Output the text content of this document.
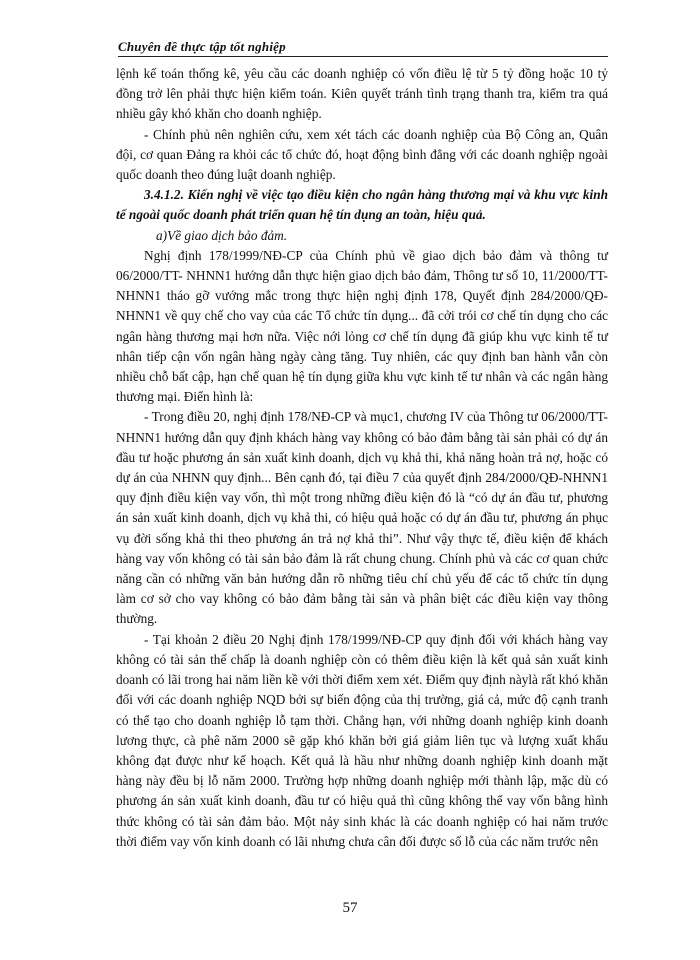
Chuyên đề thực tập tốt nghiệp

lệnh kế toán thống kê, yêu cầu các doanh nghiệp có vốn điều lệ từ 5 tỷ đồng hoặc 10 tỷ đồng trở lên phải thực hiện kiểm toán. Kiên quyết tránh tình trạng thanh tra, kiểm tra quá nhiều gây khó khăn cho doanh nghiệp.

- Chính phủ nên nghiên cứu, xem xét tách các doanh nghiệp của Bộ Công an, Quân đội, cơ quan Đảng ra khỏi các tổ chức đó, hoạt động bình đẳng với các doanh nghiệp ngoài quốc doanh theo đúng luật doanh nghiệp.

3.4.1.2. Kiến nghị về việc tạo điều kiện cho ngân hàng thương mại và khu vực kinh tế ngoài quốc doanh phát triển quan hệ tín dụng an toàn, hiệu quả.

a)Về giao dịch bảo đảm.

Nghị định 178/1999/NĐ-CP của Chính phủ về giao dịch bảo đảm và thông tư 06/2000/TT- NHNN1 hướng dẫn thực hiện giao dịch bảo đảm, Thông tư số 10, 11/2000/TT- NHNN1 tháo gỡ vướng mắc trong thực hiện nghị định 178, Quyết định 284/2000/QĐ- NHNN1 về quy chế cho vay của các Tổ chức tín dụng... đã cởi trói cơ chế tín dụng cho các ngân hàng thương mại hơn nữa. Việc nới lỏng cơ chế tín dụng đã giúp khu vực kinh tế tư nhân tiếp cận vốn ngân hàng ngày càng tăng. Tuy nhiên, các quy định ban hành vẫn còn nhiều chỗ bất cập, hạn chế quan hệ tín dụng giữa khu vực kinh tế tư nhân và các ngân hàng thương mại. Điển hình là:

- Trong điều 20, nghị định 178/NĐ-CP và mục1, chương IV của Thông tư 06/2000/TT-NHNN1 hướng dẫn quy định khách hàng vay không có bảo đảm bằng tài sản phải có dự án đầu tư hoặc phương án sản xuất kinh doanh, dịch vụ khả thi, khả năng hoàn trả nợ, hoặc có dự án của NHNN quy định... Bên cạnh đó, tại điều 7 của quyết định 284/2000/QĐ-NHNN1 quy định điều kiện vay vốn, thì một trong những điều kiện đó là “có dự án đầu tư, phương án sản xuất kinh doanh, dịch vụ khả thi, có hiệu quả hoặc có dự án đầu tư, phương án phục vụ đời sống khả thi theo phương án trả nợ khả thi”. Như vậy thực tế, điều kiện để khách hàng vay vốn không có tài sản bảo đảm là rất chung chung. Chính phủ và các cơ quan chức năng cần có những văn bản hướng dẫn rõ những tiêu chí chủ yếu để các tổ chức tín dụng làm cơ sở cho vay không có bảo đảm bằng tài sản và phân biệt các điều kiện vay thông thường.

- Tại khoản 2 điều 20 Nghị định 178/1999/NĐ-CP quy định đối với khách hàng vay không có tài sản thế chấp là doanh nghiệp còn có thêm điều kiện là kết quả sản xuất kinh doanh có lãi trong hai năm liền kề với thời điểm xem xét. Điểm quy định nàylà rất khó khăn đối với các doanh nghiệp NQD bởi sự biến động của thị trường, giá cả, mức độ cạnh tranh có thể tạo cho doanh nghiệp lỗ tạm thời. Chẳng hạn, với những doanh nghiệp kinh doanh lương thực, cà phê năm 2000 sẽ gặp khó khăn bởi giá giảm liên tục và lượng xuất khẩu không đạt được như kế hoạch. Kết quả là hầu như những doanh nghiệp kinh doanh mặt hàng này đều bị lỗ năm 2000. Trường hợp những doanh nghiệp mới thành lập, mặc dù có phương án sản xuất kinh doanh, đầu tư có hiệu quả thì cũng không thể vay vốn bằng hình thức không có tài sản đảm bảo. Một nảy sinh khác là các doanh nghiệp có hai năm trước thời điểm vay vốn kinh doanh có lãi nhưng chưa cân đối được số lỗ của các năm trước nên

57
